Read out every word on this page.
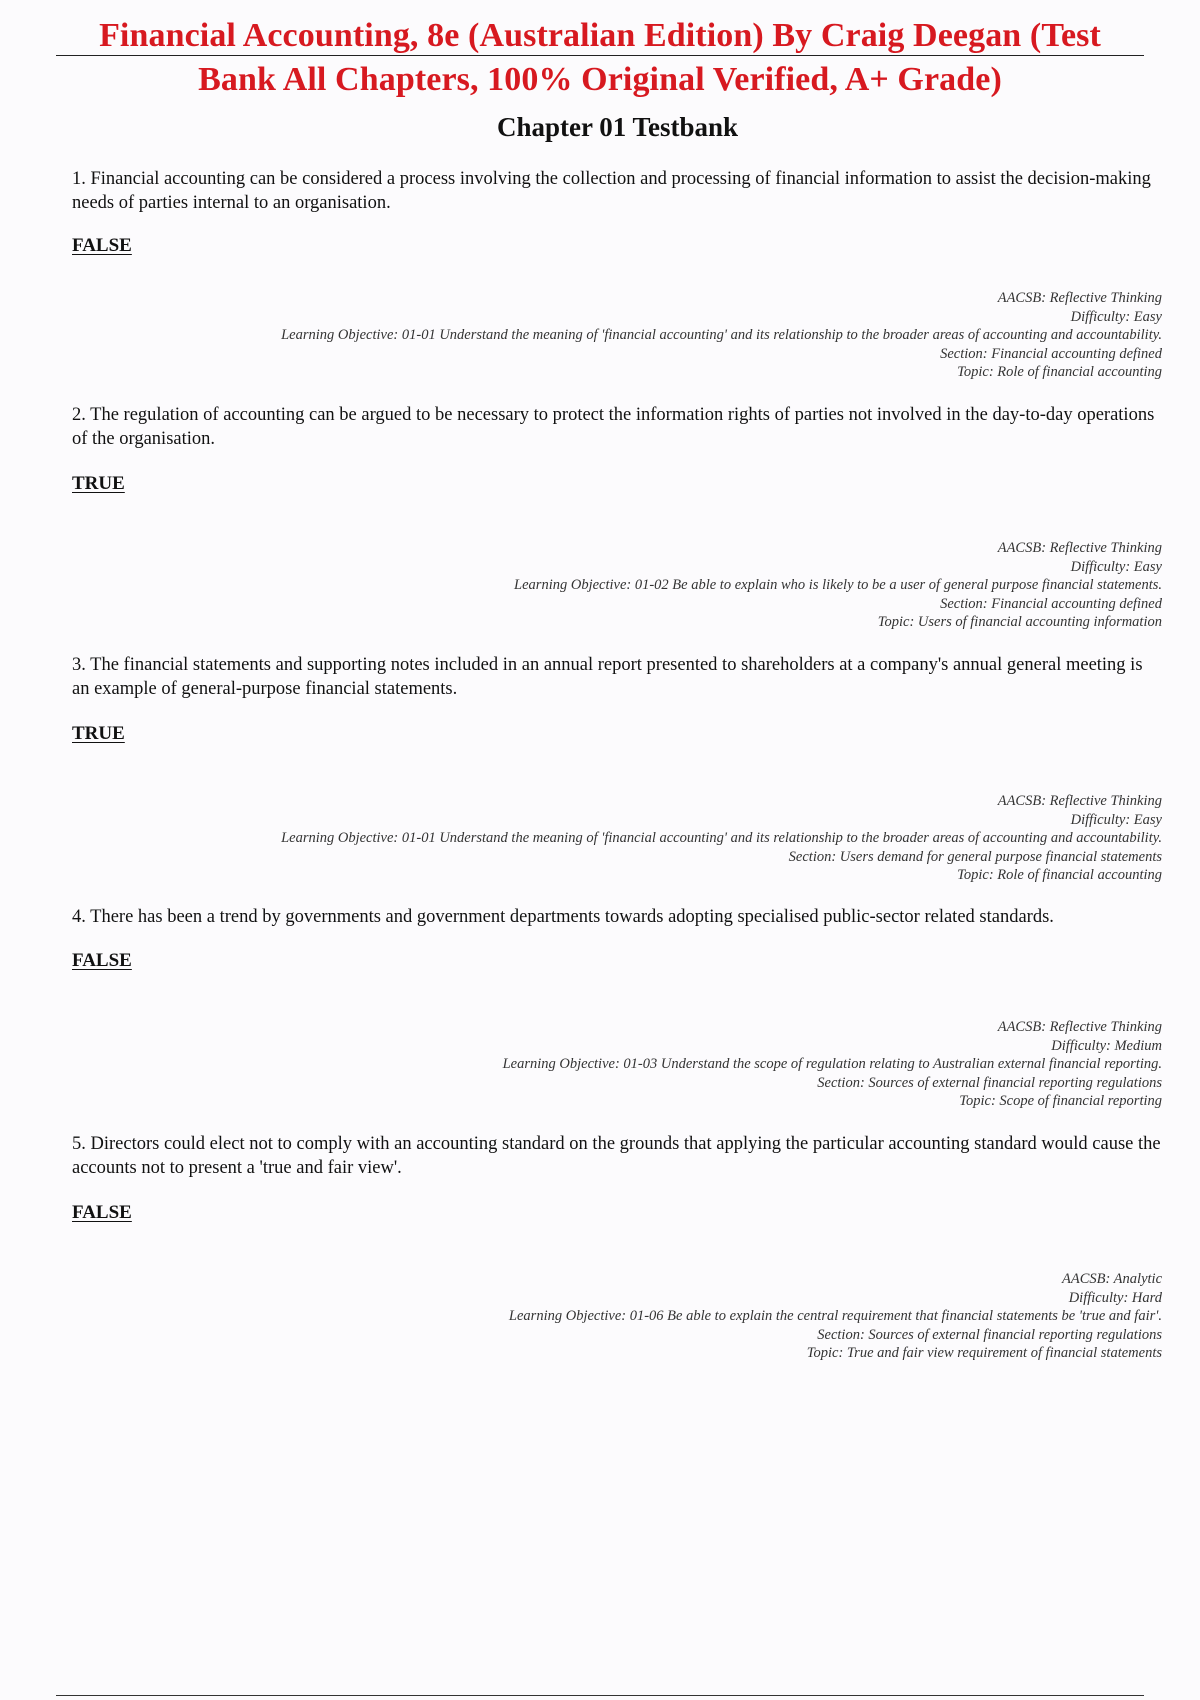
Financial Accounting, 8e (Australian Edition) By Craig Deegan (Test Bank All Chapters, 100% Original Verified, A+ Grade)
Chapter 01 Testbank

1. Financial accounting can be considered a process involving the collection and processing of financial information to assist the decision-making needs of parties internal to an organisation.

FALSE
AACSB: Reflective Thinking
Difficulty: Easy
Learning Objective: 01-01 Understand the meaning of 'financial accounting' and its relationship to the broader areas of accounting and accountability.
Section: Financial accounting defined
Topic: Role of financial accounting

2. The regulation of accounting can be argued to be necessary to protect the information rights of parties not involved in the day-to-day operations of the organisation.

TRUE
AACSB: Reflective Thinking
Difficulty: Easy
Learning Objective: 01-02 Be able to explain who is likely to be a user of general purpose financial statements.
Section: Financial accounting defined
Topic: Users of financial accounting information

3. The financial statements and supporting notes included in an annual report presented to shareholders at a company's annual general meeting is an example of general-purpose financial statements.

TRUE
AACSB: Reflective Thinking
Difficulty: Easy
Learning Objective: 01-01 Understand the meaning of 'financial accounting' and its relationship to the broader areas of accounting and accountability.
Section: Users demand for general purpose financial statements
Topic: Role of financial accounting

4. There has been a trend by governments and government departments towards adopting specialised public-sector related standards.

FALSE
AACSB: Reflective Thinking
Difficulty: Medium
Learning Objective: 01-03 Understand the scope of regulation relating to Australian external financial reporting.
Section: Sources of external financial reporting regulations
Topic: Scope of financial reporting

5. Directors could elect not to comply with an accounting standard on the grounds that applying the particular accounting standard would cause the accounts not to present a 'true and fair view'.

FALSE
AACSB: Analytic
Difficulty: Hard
Learning Objective: 01-06 Be able to explain the central requirement that financial statements be 'true and fair'.
Section: Sources of external financial reporting regulations
Topic: True and fair view requirement of financial statements
